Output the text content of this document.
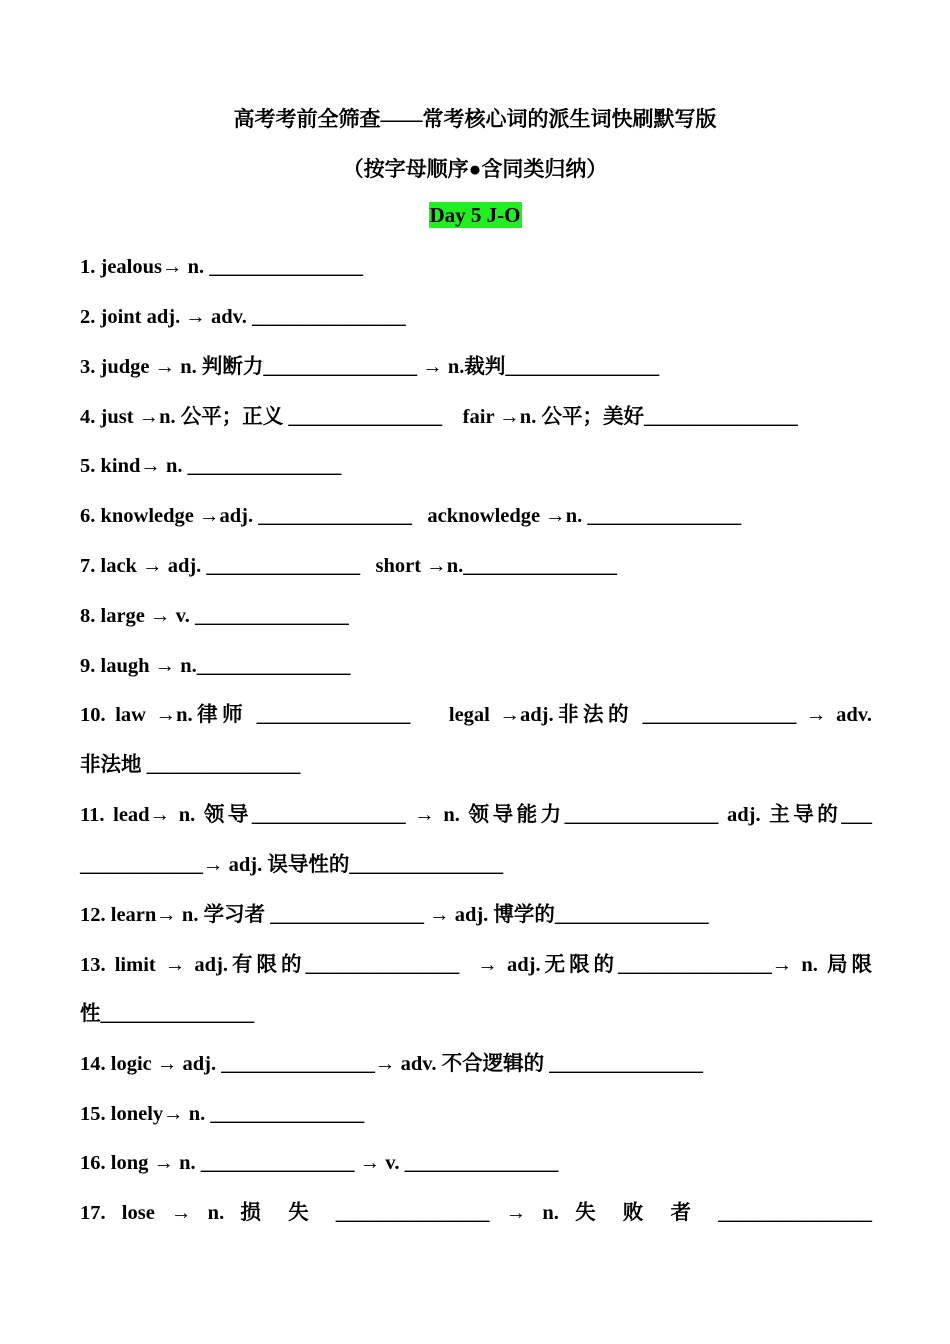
高考考前全筛查——常考核心词的派生词快刷默写版
（按字母顺序●含同类归纳）
Day 5 J-O
1. jealous→ n. _______________
2. joint adj. → adv. _______________
3. judge → n. 判断力_______________ → n.裁判_______________
4. just →n. 公平；正义 _______________    fair →n. 公平；美好_______________
5. kind→ n. _______________
6. knowledge →adj. _______________   acknowledge →n. _______________
7. lack → adj. _______________   short →n._______________
8. large → v. _______________
9. laugh → n._______________
10. law →n.律师 _______________    legal →adj.非法的 _______________ → adv.
非法地 _______________
11. lead→ n. 领导_______________ → n. 领导能力_______________ adj. 主导的___
____________→ adj. 误导性的_______________
12. learn→ n. 学习者 _______________ → adj. 博学的_______________
13. limit → adj.有限的_______________  → adj.无限的_______________→ n. 局限
性_______________
14. logic → adj. _______________→ adv. 不合逻辑的 _______________
15. lonely→ n. _______________
16. long → n. _______________ → v. _______________
17. lose → n. 损 失 _______________ → n. 失 败 者 _______________
